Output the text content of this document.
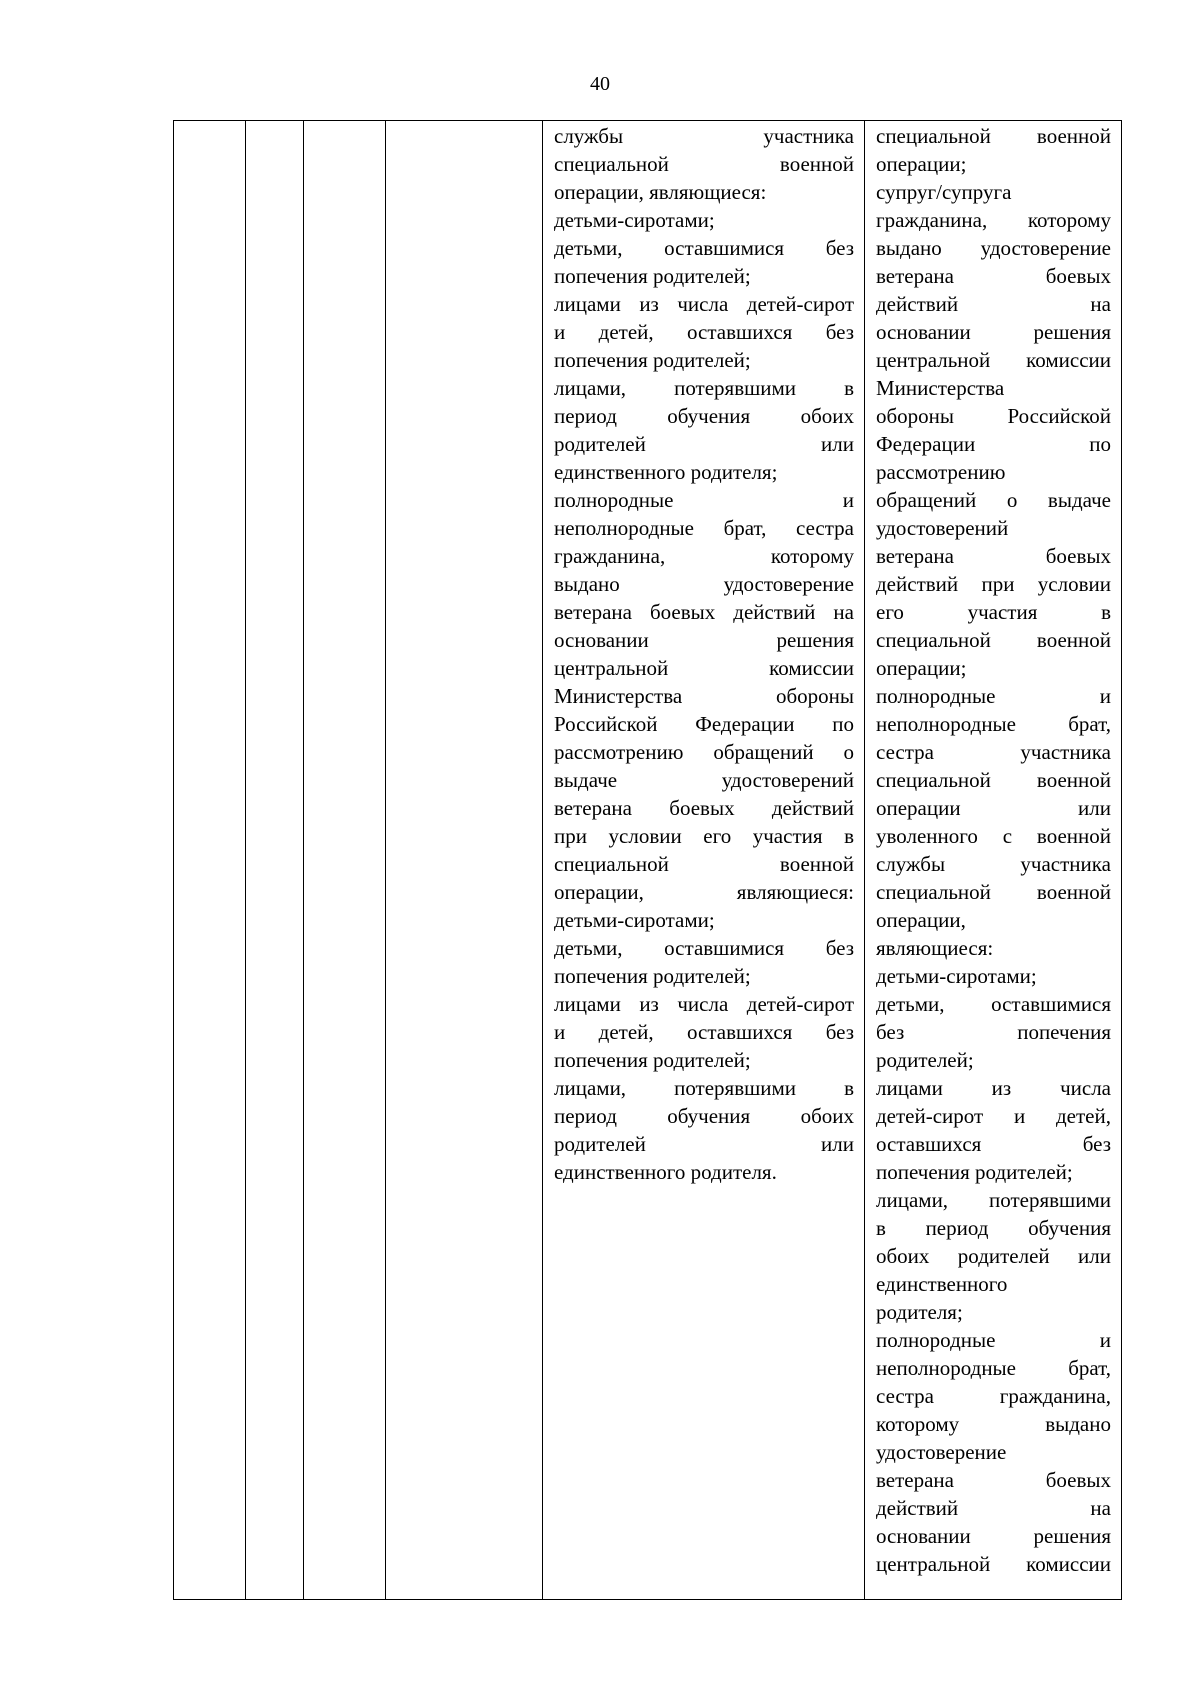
40

службы участника
специальной военной
операции, являющиеся:
детьми-сиротами;
детьми, оставшимися без
попечения родителей;
лицами из числа детей-сирот
и детей, оставшихся без
попечения родителей;
лицами, потерявшими в
период обучения обоих
родителей или
единственного родителя;
полнородные и
неполнородные брат, сестра
гражданина, которому
выдано удостоверение
ветерана боевых действий на
основании решения
центральной комиссии
Министерства обороны
Российской Федерации по
рассмотрению обращений о
выдаче удостоверений
ветерана боевых действий
при условии его участия в
специальной военной
операции, являющиеся:
детьми-сиротами;
детьми, оставшимися без
попечения родителей;
лицами из числа детей-сирот
и детей, оставшихся без
попечения родителей;
лицами, потерявшими в
период обучения обоих
родителей или
единственного родителя.

специальной военной
операции;
супруг/супруга
гражданина, которому
выдано удостоверение
ветерана боевых
действий на
основании решения
центральной комиссии
Министерства
обороны Российской
Федерации по
рассмотрению
обращений о выдаче
удостоверений
ветерана боевых
действий при условии
его участия в
специальной военной
операции;
полнородные и
неполнородные брат,
сестра участника
специальной военной
операции или
уволенного с военной
службы участника
специальной военной
операции,
являющиеся:
детьми-сиротами;
детьми, оставшимися
без попечения
родителей;
лицами из числа
детей-сирот и детей,
оставшихся без
попечения родителей;
лицами, потерявшими
в период обучения
обоих родителей или
единственного
родителя;
полнородные и
неполнородные брат,
сестра гражданина,
которому выдано
удостоверение
ветерана боевых
действий на
основании решения
центральной комиссии
